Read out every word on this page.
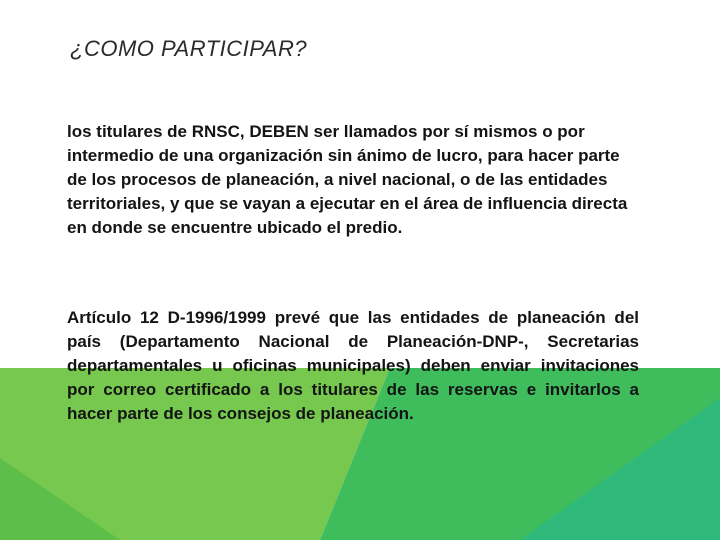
¿COMO PARTICIPAR?

los titulares de RNSC, DEBEN ser llamados por sí mismos o por intermedio de una organización sin ánimo de lucro, para hacer parte de los procesos de planeación, a nivel nacional, o de las entidades territoriales, y que se vayan a ejecutar en el área de influencia directa en donde se encuentre ubicado el predio.

Artículo 12 D-1996/1999 prevé que las entidades de planeación del país (Departamento Nacional de Planeación-DNP-, Secretarias departamentales u oficinas municipales) deben enviar invitaciones por correo certificado a los titulares de las reservas e invitarlos a hacer parte de los consejos de planeación.
